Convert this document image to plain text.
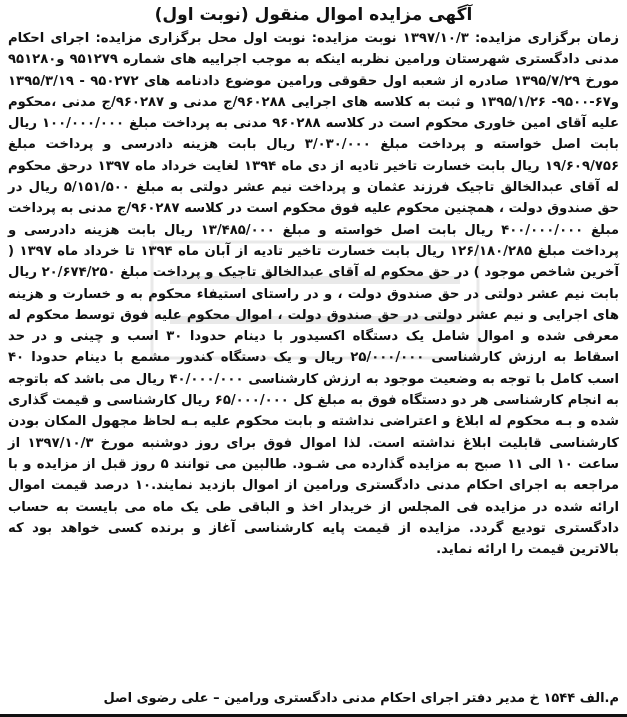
آگهی مزایده اموال منقول (نوبت اول)

زمان برگزاری مزایده: ۱۳۹۷/۱۰/۳ نوبت مزایده: نوبت اول محل برگزاری مزایده: اجرای احکام مدنی دادگستری شهرستان ورامین نظربه اینکه به موجب اجراییه های شماره ۹۵۱۲۷۹ و۹۵۱۲۸۰ مورخ ۱۳۹۵/۷/۲۹ صادره از شعبه اول حقوقی ورامین موضوع دادنامه های ۹۵۰۲۷۲ - ۱۳۹۵/۳/۱۹ و۶۷-۹۵۰۰- ۱۳۹۵/۱/۲۶ و ثبت به کلاسه های اجرایی ۹۶۰۲۸۸/ج مدنی و ۹۶۰۲۸۷/ج مدنی ،محکوم علیه آقای امین خاوری محکوم است در کلاسه ۹۶۰۲۸۸ مدنی به پرداخت مبلغ ۱۰۰/۰۰۰/۰۰۰ ریال بابت اصل خواسته و پرداخت مبلغ ۳/۰۳۰/۰۰۰ ریال بابت هزینه دادرسی و پرداخت مبلغ ۱۹/۶۰۹/۷۵۶ ریال بابت خسارت تاخیر تادیه از دی ماه ۱۳۹۴ لغایت خرداد ماه ۱۳۹۷ درحق محکوم له آقای عبدالخالق تاجیک فرزند عثمان و پرداخت نیم عشر دولتی به مبلغ ۵/۱۵۱/۵۰۰ ریال در حق صندوق دولت ، همچنین محکوم علیه فوق محکوم است در کلاسه ۹۶۰۲۸۷/ج مدنی به پرداخت مبلغ ۴۰۰/۰۰۰/۰۰۰ ریال بابت اصل خواسته و مبلغ ۱۳/۴۸۵/۰۰۰ ریال بابت هزینه دادرسی و پرداخت مبلغ ۱۲۶/۱۸۰/۲۸۵ ریال بابت خسارت تاخیر تادیه از آبان ماه ۱۳۹۴ تا خرداد ماه ۱۳۹۷ ( آخرین شاخص موجود ) در حق محکوم له آقای عبدالخالق تاجیک و پرداخت مبلغ ۲۰/۶۷۴/۲۵۰ ریال بابت نیم عشر دولتی در حق صندوق دولت ، و در راستای استیفاء محکوم به و خسارت و هزینه های اجرایی و نیم عشر دولتی در حق صندوق دولت ، اموال محکوم علیه فوق توسط محکوم له معرفی شده و اموال شامل یک دستگاه اکسیدور با دینام حدودا ۳۰ اسب و چینی و در حد اسقاط به ارزش کارشناسی ۲۵/۰۰۰/۰۰۰ ریال و یک دستگاه کندور مشمع با دینام حدودا ۴۰ اسب کامل با توجه به وضعیت موجود به ارزش کارشناسی ۴۰/۰۰۰/۰۰۰ ریال می باشد که باتوجه به انجام کارشناسی هر دو دستگاه فوق به مبلغ کل ۶۵/۰۰۰/۰۰۰ ریال کارشناسی و قیمت گذاری شده و بـه محکوم له ابلاغ و اعتراضی نداشته و بابت محکوم علیه بـه لحاظ مجهول المکان بودن کارشناسی قابلیت ابلاغ نداشته است. لذا اموال فوق برای روز دوشنبه مورخ ۱۳۹۷/۱۰/۳ از ساعت ۱۰ الی ۱۱ صبح به مزایده گذارده می شـود. طالبین می توانند ۵ روز قبل از مزایده و با مراجعه به اجرای احکام مدنی دادگستری ورامین از اموال بازدید نمایند.۱۰ درصد قیمت اموال ارائه شده در مزایده فی المجلس از خریدار اخذ و الباقی طی یک ماه می بایست به حساب دادگستری تودیع گردد. مزایده از قیمت پایه کارشناسی آغاز و برنده کسی خواهد بود که بالاترین قیمت را ارائه نماید.

م.الف ۱۵۴۴ خ مدیر دفتر اجرای احکام مدنی دادگستری ورامین – علی رضوی اصل
